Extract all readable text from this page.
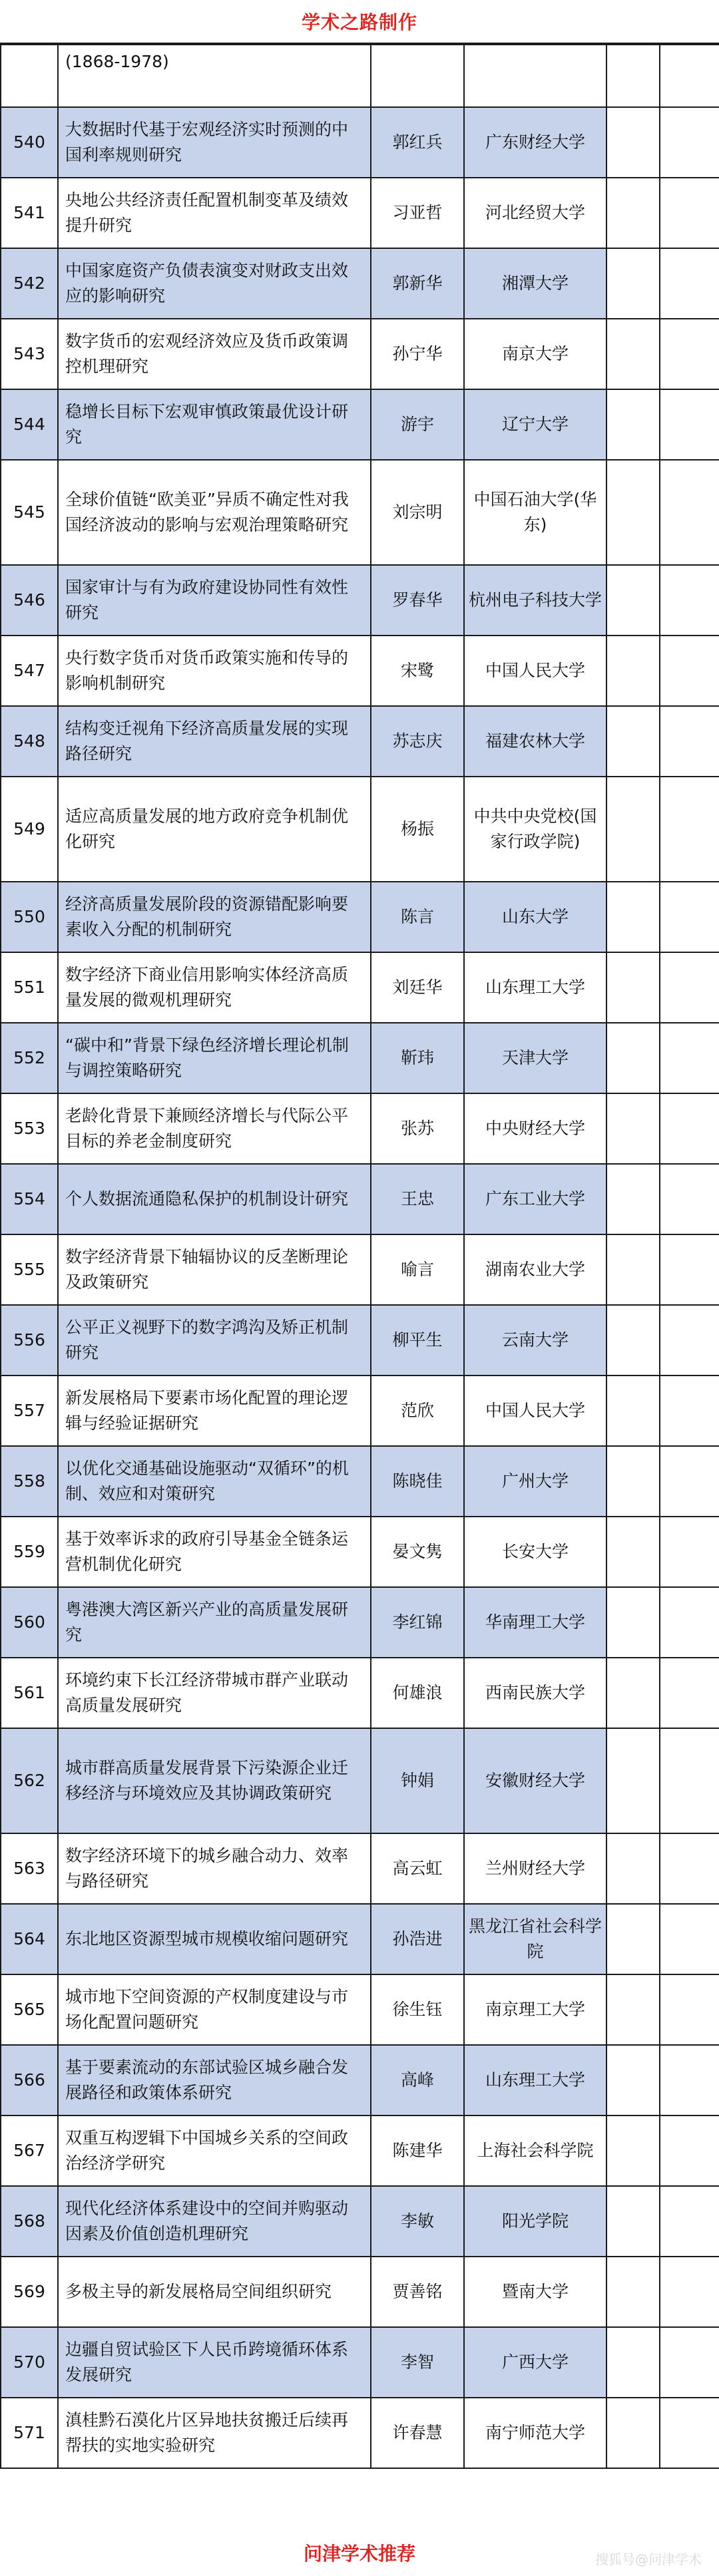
学术之路制作
	(1868-1978)				
540	大数据时代基于宏观经济实时预测的中国利率规则研究	郭红兵	广东财经大学		
541	央地公共经济责任配置机制变革及绩效提升研究	习亚哲	河北经贸大学		
542	中国家庭资产负债表演变对财政支出效应的影响研究	郭新华	湘潭大学		
543	数字货币的宏观经济效应及货币政策调控机理研究	孙宁华	南京大学		
544	稳增长目标下宏观审慎政策最优设计研究	游宇	辽宁大学		
545	全球价值链“欧美亚”异质不确定性对我国经济波动的影响与宏观治理策略研究	刘宗明	中国石油大学(华东)		
546	国家审计与有为政府建设协同性有效性研究	罗春华	杭州电子科技大学		
547	央行数字货币对货币政策实施和传导的影响机制研究	宋鹭	中国人民大学		
548	结构变迁视角下经济高质量发展的实现路径研究	苏志庆	福建农林大学		
549	适应高质量发展的地方政府竞争机制优化研究	杨振	中共中央党校(国家行政学院)		
550	经济高质量发展阶段的资源错配影响要素收入分配的机制研究	陈言	山东大学		
551	数字经济下商业信用影响实体经济高质量发展的微观机理研究	刘廷华	山东理工大学		
552	“碳中和”背景下绿色经济增长理论机制与调控策略研究	靳玮	天津大学		
553	老龄化背景下兼顾经济增长与代际公平目标的养老金制度研究	张苏	中央财经大学		
554	个人数据流通隐私保护的机制设计研究	王忠	广东工业大学		
555	数字经济背景下轴辐协议的反垄断理论及政策研究	喻言	湖南农业大学		
556	公平正义视野下的数字鸿沟及矫正机制研究	柳平生	云南大学		
557	新发展格局下要素市场化配置的理论逻辑与经验证据研究	范欣	中国人民大学		
558	以优化交通基础设施驱动“双循环”的机制、效应和对策研究	陈晓佳	广州大学		
559	基于效率诉求的政府引导基金全链条运营机制优化研究	晏文隽	长安大学		
560	粤港澳大湾区新兴产业的高质量发展研究	李红锦	华南理工大学		
561	环境约束下长江经济带城市群产业联动高质量发展研究	何雄浪	西南民族大学		
562	城市群高质量发展背景下污染源企业迁移经济与环境效应及其协调政策研究	钟娟	安徽财经大学		
563	数字经济环境下的城乡融合动力、效率与路径研究	高云虹	兰州财经大学		
564	东北地区资源型城市规模收缩问题研究	孙浩进	黑龙江省社会科学院		
565	城市地下空间资源的产权制度建设与市场化配置问题研究	徐生钰	南京理工大学		
566	基于要素流动的东部试验区城乡融合发展路径和政策体系研究	高峰	山东理工大学		
567	双重互构逻辑下中国城乡关系的空间政治经济学研究	陈建华	上海社会科学院		
568	现代化经济体系建设中的空间并购驱动因素及价值创造机理研究	李敏	阳光学院		
569	多极主导的新发展格局空间组织研究	贾善铭	暨南大学		
570	边疆自贸试验区下人民币跨境循环体系发展研究	李智	广西大学		
571	滇桂黔石漠化片区异地扶贫搬迁后续再帮扶的实地实验研究	许春慧	南宁师范大学		
问津学术推荐	搜狐号@问津学术
